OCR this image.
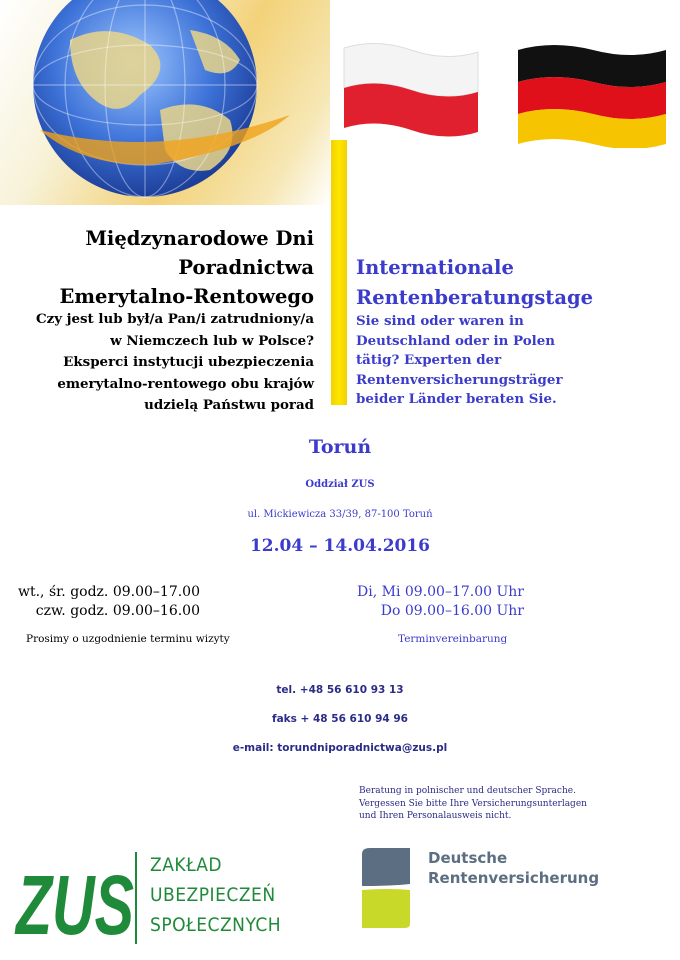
Międzynarodowe Dni
Poradnictwa
Emerytalno-Rentowego
Czy jest lub był/a Pan/i zatrudniony/a
w Niemczech lub w Polsce?
Eksperci instytucji ubezpieczenia
emerytalno-rentowego obu krajów
udzielą Państwu porad
Internationale
Rentenberatungstage
Sie sind oder waren in
Deutschland oder in Polen
tätig? Experten der
Rentenversicherungsträger
beider Länder beraten Sie.
Toruń
Oddział ZUS
ul. Mickiewicza 33/39, 87-100 Toruń
12.04 – 14.04.2016
wt., śr. godz. 09.00–17.00
czw. godz. 09.00–16.00
Di, Mi 09.00–17.00 Uhr
Do 09.00–16.00 Uhr
Prosimy o uzgodnienie terminu wizyty	Terminvereinbarung
tel. +48 56 610 93 13
faks + 48 56 610 94 96
e-mail: torundniporadnictwa@zus.pl
Beratung in polnischer und deutscher Sprache.
Vergessen Sie bitte Ihre Versicherungsunterlagen
und Ihren Personalausweis nicht.
ZUS ZAKŁAD
UBEZPIECZEŃ
SPOŁECZNYCH
Deutsche
Rentenversicherung
